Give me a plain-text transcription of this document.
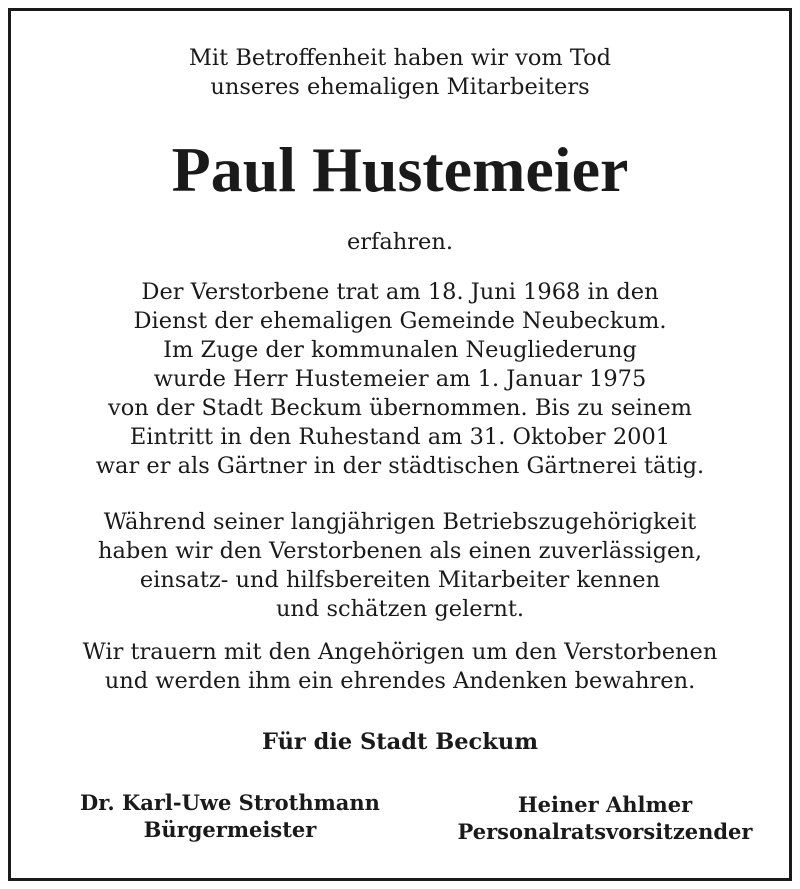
Mit Betroffenheit haben wir vom Tod
unseres ehemaligen Mitarbeiters
Paul Hustemeier
erfahren.
Der Verstorbene trat am 18. Juni 1968 in den
Dienst der ehemaligen Gemeinde Neubeckum.
Im Zuge der kommunalen Neugliederung
wurde Herr Hustemeier am 1. Januar 1975
von der Stadt Beckum übernommen. Bis zu seinem
Eintritt in den Ruhestand am 31. Oktober 2001
war er als Gärtner in der städtischen Gärtnerei tätig.
Während seiner langjährigen Betriebszugehörigkeit
haben wir den Verstorbenen als einen zuverlässigen,
einsatz- und hilfsbereiten Mitarbeiter kennen
und schätzen gelernt.
Wir trauern mit den Angehörigen um den Verstorbenen
und werden ihm ein ehrendes Andenken bewahren.
Für die Stadt Beckum
Dr. Karl-Uwe Strothmann
Bürgermeister
Heiner Ahlmer
Personalratsvorsitzender
